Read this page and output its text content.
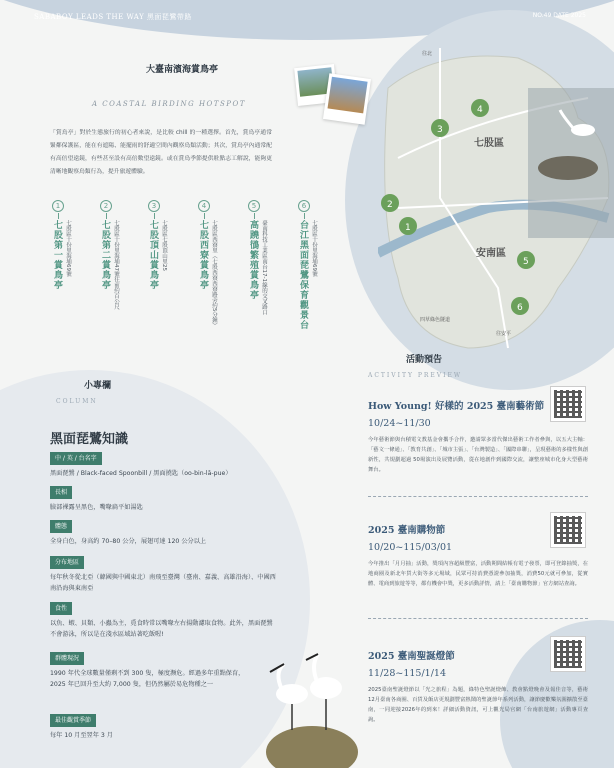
SABABOY LEADS THE WAY 黑面琵鷺帶路	NO.49 DATE 2025
大臺南濱海賞鳥亭
A COASTAL BIRDING HOTSPOT
「賞鳥亭」對於生態旅行的初心者來說，是比較 chill 的一種選擇。首先，賞鳥亭通常緊鄰保護區，能在有遮陽、能擺雨的舒適空間內觀察鳥類活動；其次，賞鳥亭內通常配有高倍望遠鏡，有些甚至設有高倍數望遠鏡。或在賞鳥季節提供駐點志工解說，能夠更清晰地觀察鳥類行為，提升旅遊體驗。
1
七股第一賞鳥亭 七股區十份里海埔69號
2
七股第二賞鳥亭 七股區十份里海埔47號往前約百公尺
3
七股頂山賞鳥亭 七股區七股頂山里25
4
七股西寮賞鳥亭 七股區西寮里（七股西寮西寮路旁約5分鐘）
5
高蹺鴴繁殖賞鳥亭 臺南科技工業區南台17-1線的交叉路口
6
台江黑面琵鷺保育觀景台 七股區十份里海埔69號
4
3
2
1
5
6
七股區
安南區
四草綠色隧道
往北
往安平
小專欄
COLUMN
黑面琵鷺知識
中 / 英 / 台名字
黑面琵鷺 / Black-faced Spoonbill / 黑面撓匙（oo-bin-lā-pue）
長相
臉部裸露呈黑色，嘴喙扁平如湯匙
體態
全身白色，身高約 70–80 公分，展翅可達 120 公分以上
分布地區
每年秋冬從北亞（韓國與中國東北）南飛至臺灣（臺南、嘉義、高雄沿海）、中國西南沿海與東南亞
食性
以魚、蝦、貝類、小蟲為主，覓食時常以嘴喙左右揚動濾取食物。此外，黑面琵鷺不會游泳，所以是在淺水區域站著吃飯喔!
群體現況
1990 年代全球數量僅剩不到 300 隻，極度瀕危。經過多年重點保育，2025 年已回升至大約 7,000 隻，但仍然屬於易危物種之一
最佳觀賞季節
每年 10 月至翌年 3 月
活動預告
ACTIVITY PREVIEW
How Young! 好樣的 2025 臺南藝術節
10/24~11/30
今年藝術節與台積電文教基金會攜手合作，邀請眾多當代傑出藝術工作者參與，以五大主軸：「藝文一條通」、「教育共創」、「城市主張」、「台灣製造」、「國際串聯」，呈現藝術的多樣性與創新性，共規劃超過 50場演出及展覽活動，從在地創作到國際交流，讓整座城市化身大型藝術舞台。
2025 臺南購物節
10/20~115/03/01
今年推出「月月抽」活動，獎項內容超級豐富，活動期間結帳有電子發票，即可登錄抽獎，在地商圈及新北年貨大街等多元場域，民眾可持消費憑證參加抽獎，消費50元就可參加，從實體、電商到旅遊等等，都有機會中獎，更多活動詳情，請上「臺南購物節」官方網站查詢。
2025 臺南聖誕燈節
11/28~115/1/14
2025臺南聖誕燈節以「光之旅程」為題，綠特色聖誕燈飾、教會點燈晚會及報佳音等，藝術12月臺南各商圈、百貨及飯店更規劃豐富熱鬧的聖誕節年系列活動，讓節慶歡樂氛圍擴散至臺南，一同迎接2026年的到來！詳細活動資訊，可上觀光局官網「台南旅遊網」活動專頁查詢。
